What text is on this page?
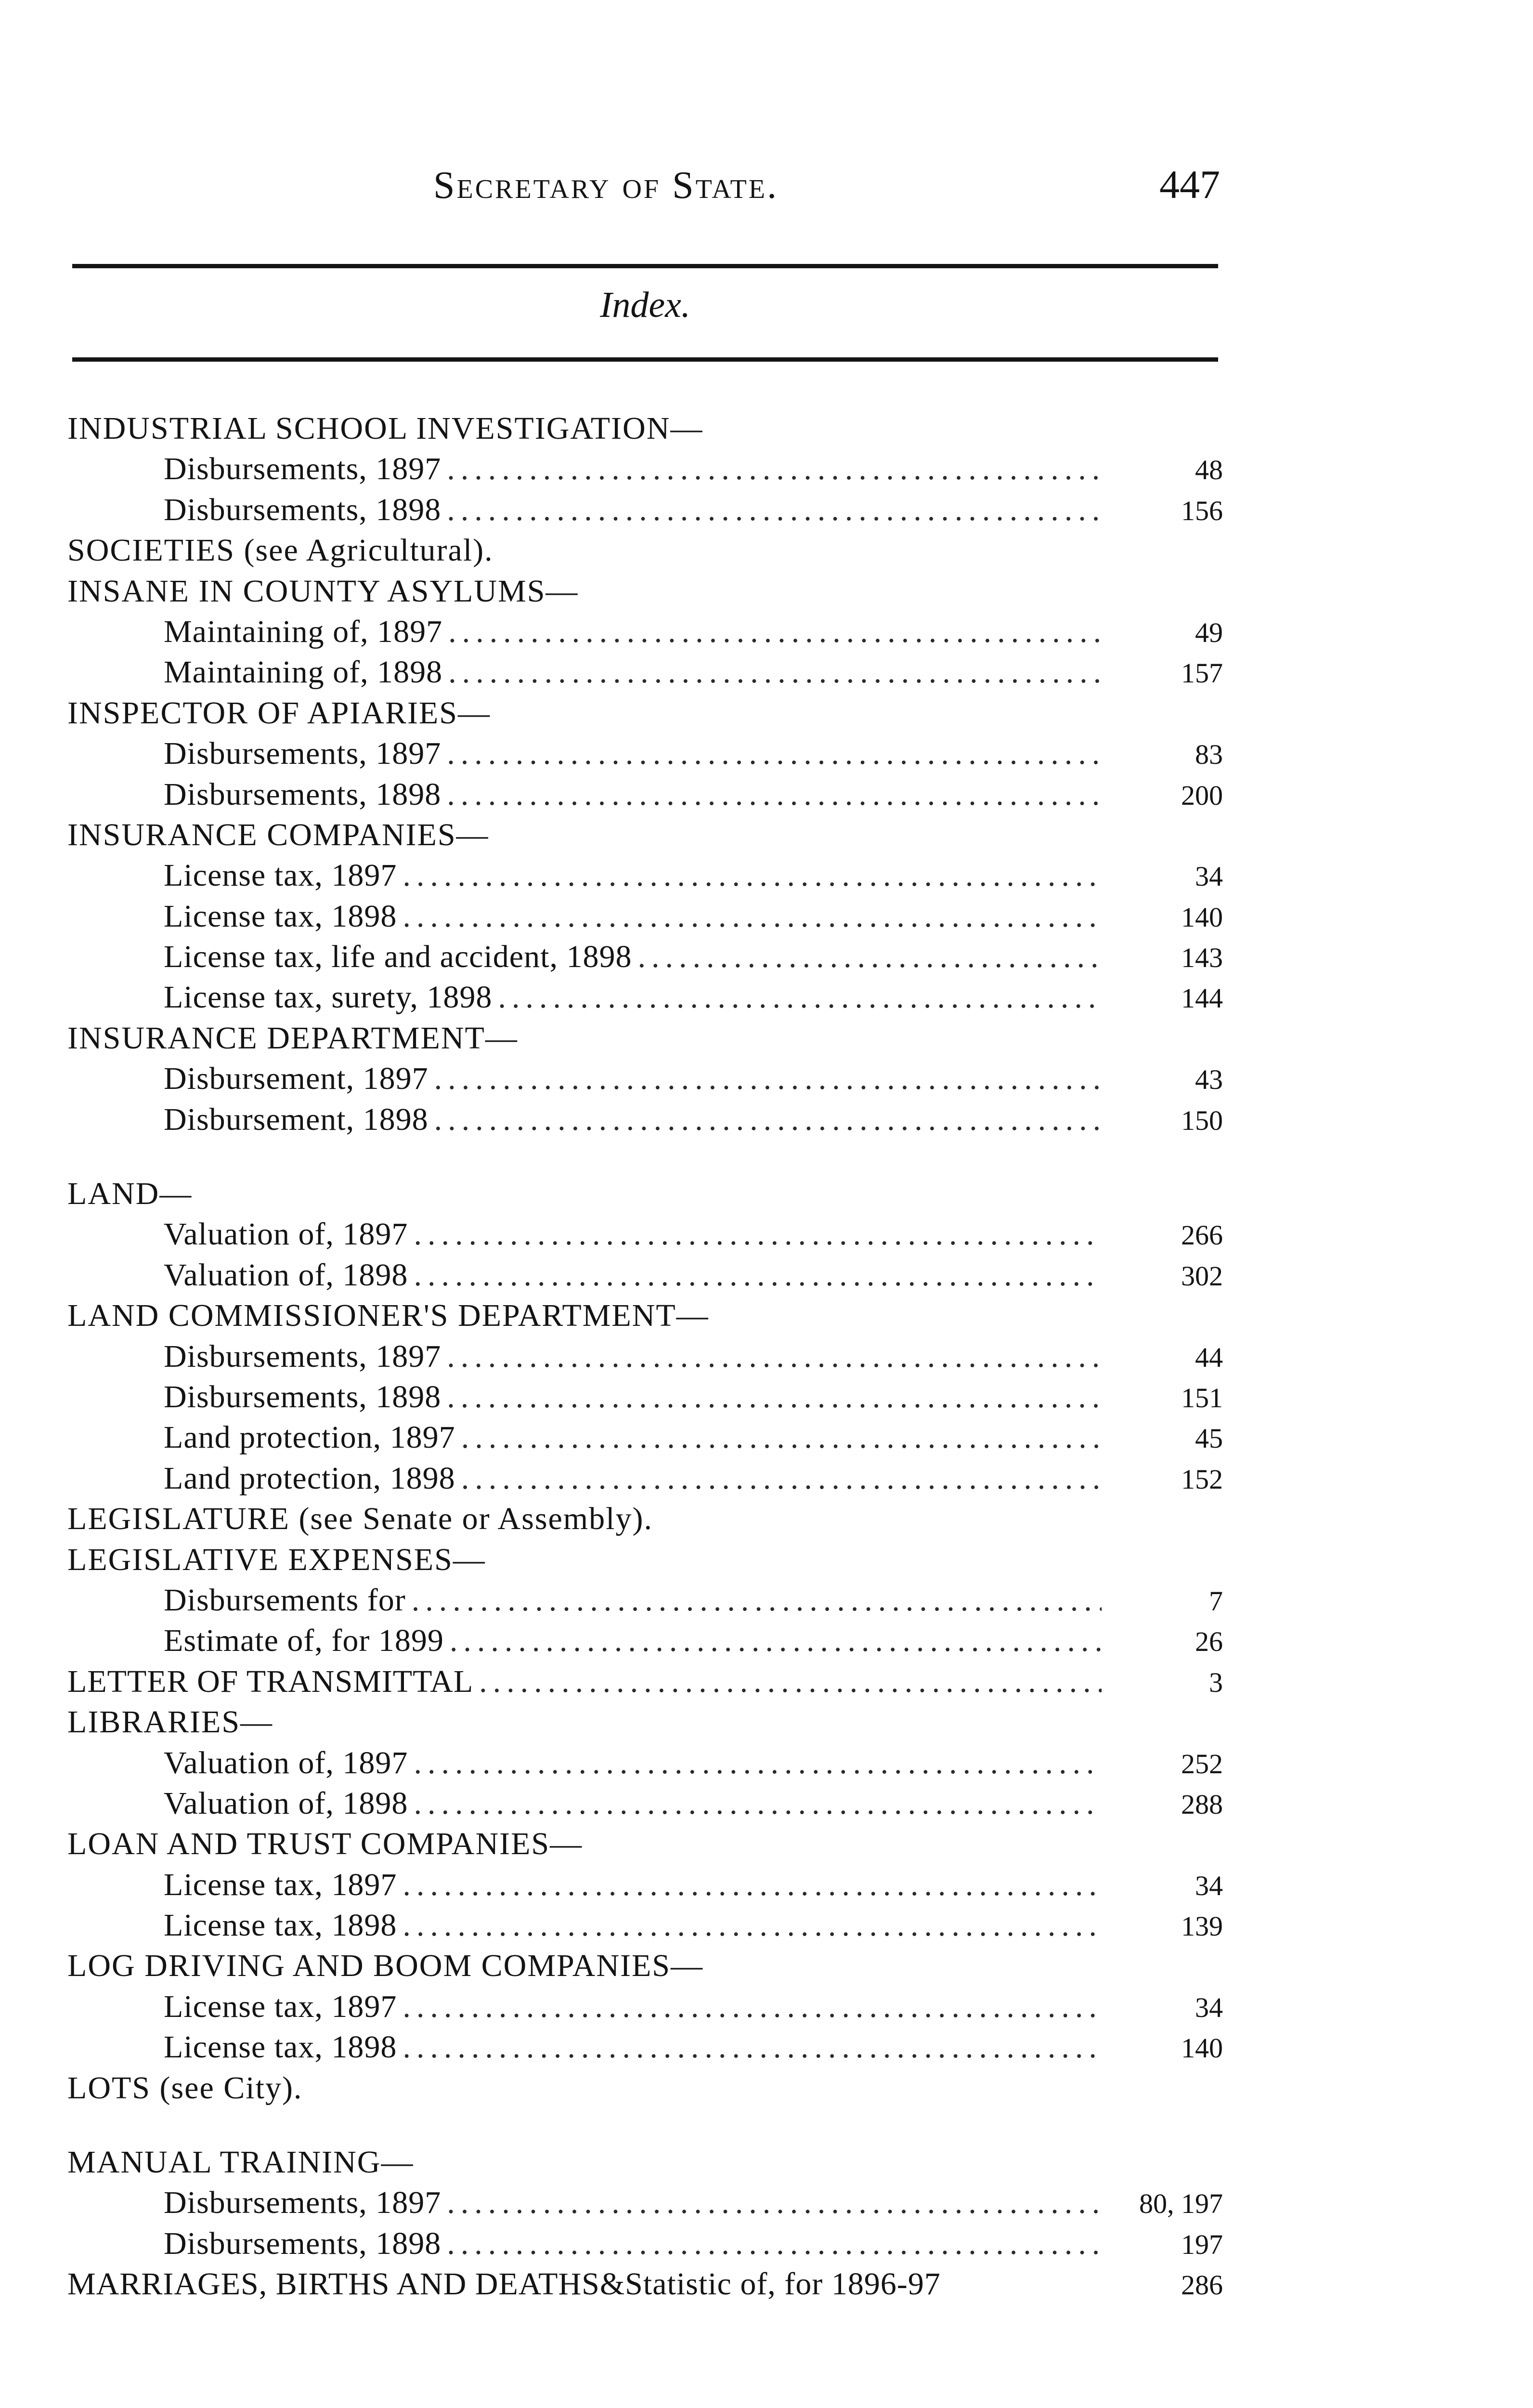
Secretary of State.	447
Index.
INDUSTRIAL SCHOOL INVESTIGATION—
Disbursements, 1897 .....	48
Disbursements, 1898 .....	156
SOCIETIES (see Agricultural).
INSANE IN COUNTY ASYLUMS—
Maintaining of, 1897 .....	49
Maintaining of, 1898 .....	157
INSPECTOR OF APIARIES—
Disbursements, 1897 .....	83
Disbursements, 1898 .....	200
INSURANCE COMPANIES—
License tax, 1897 .....	34
License tax, 1898 .....	140
License tax, life and accident, 1898 .....	143
License tax, surety, 1898 .....	144
INSURANCE DEPARTMENT—
Disbursement, 1897 .....	43
Disbursement, 1898 .....	150
LAND—
Valuation of, 1897 .....	266
Valuation of, 1898 .....	302
LAND COMMISSIONER'S DEPARTMENT—
Disbursements, 1897 .....	44
Disbursements, 1898 .....	151
Land protection, 1897 .....	45
Land protection, 1898 .....	152
LEGISLATURE (see Senate or Assembly).
LEGISLATIVE EXPENSES—
Disbursements for .....	7
Estimate of, for 1899 .....	26
LETTER OF TRANSMITTAL .....	3
LIBRARIES—
Valuation of, 1897 .....	252
Valuation of, 1898 .....	288
LOAN AND TRUST COMPANIES—
License tax, 1897 .....	34
License tax, 1898 .....	139
LOG DRIVING AND BOOM COMPANIES—
License tax, 1897 .....	34
License tax, 1898 .....	140
LOTS (see City).
MANUAL TRAINING—
Disbursements, 1897 .....	80, 197
Disbursements, 1898 .....	197
MARRIAGES, BIRTHS AND DEATHS&Statistic of, for 1896-97	286
